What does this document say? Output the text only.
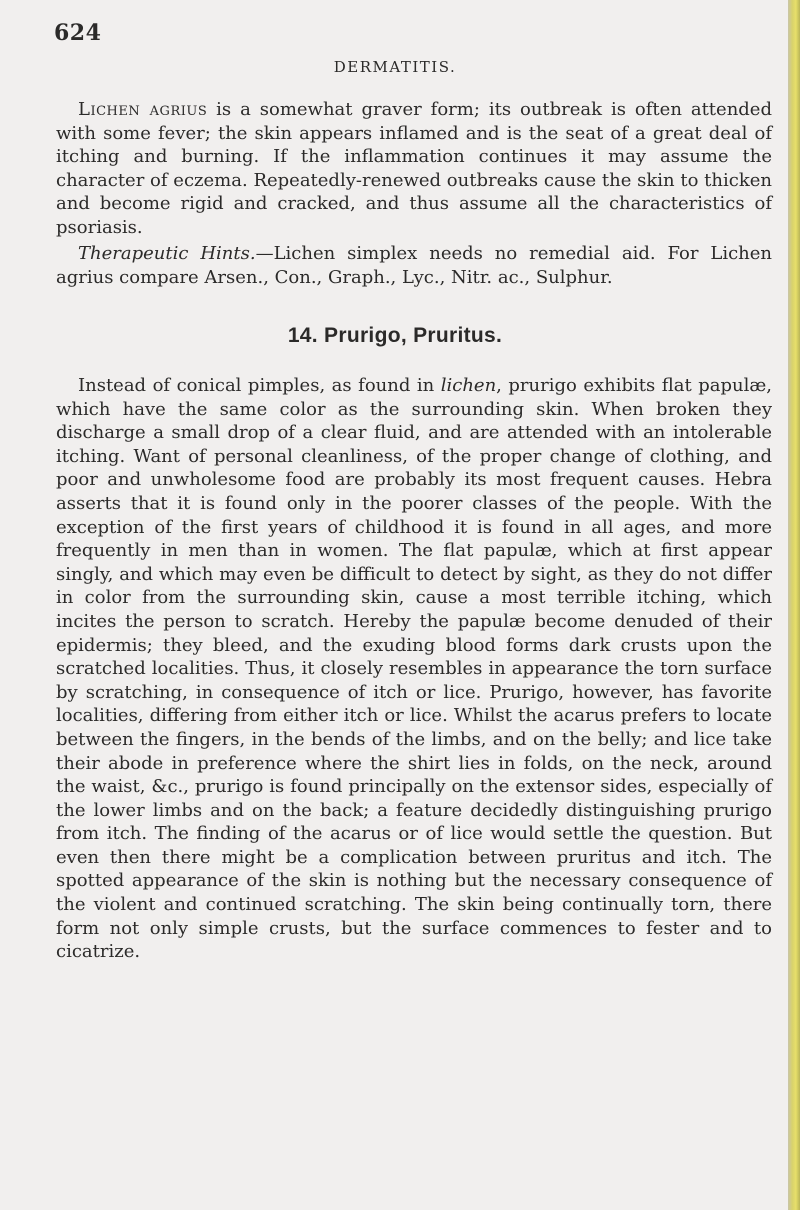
624
DERMATITIS.

Lichen agrius is a somewhat graver form; its outbreak is often attended with some fever; the skin appears inflamed and is the seat of a great deal of itching and burning. If the inflammation continues it may assume the character of eczema. Repeatedly-renewed outbreaks cause the skin to thicken and become rigid and cracked, and thus assume all the characteristics of psoriasis.

Therapeutic Hints.—Lichen simplex needs no remedial aid. For Lichen agrius compare Arsen., Con., Graph., Lyc., Nitr. ac., Sulphur.

14. Prurigo, Pruritus.

Instead of conical pimples, as found in lichen, prurigo exhibits flat papulæ, which have the same color as the surrounding skin. When broken they discharge a small drop of a clear fluid, and are attended with an intolerable itching. Want of personal cleanliness, of the proper change of clothing, and poor and unwholesome food are probably its most frequent causes. Hebra asserts that it is found only in the poorer classes of the people. With the exception of the first years of childhood it is found in all ages, and more frequently in men than in women. The flat papulæ, which at first appear singly, and which may even be difficult to detect by sight, as they do not differ in color from the surrounding skin, cause a most terrible itching, which incites the person to scratch. Hereby the papulæ become denuded of their epidermis; they bleed, and the exuding blood forms dark crusts upon the scratched localities. Thus, it closely resembles in appearance the torn surface by scratching, in consequence of itch or lice. Prurigo, however, has favorite localities, differing from either itch or lice. Whilst the acarus prefers to locate between the fingers, in the bends of the limbs, and on the belly; and lice take their abode in preference where the shirt lies in folds, on the neck, around the waist, &c., prurigo is found principally on the extensor sides, especially of the lower limbs and on the back; a feature decidedly distinguishing prurigo from itch. The finding of the acarus or of lice would settle the question. But even then there might be a complication between pruritus and itch. The spotted appearance of the skin is nothing but the necessary consequence of the violent and continued scratching. The skin being continually torn, there form not only simple crusts, but the surface commences to fester and to cicatrize.
